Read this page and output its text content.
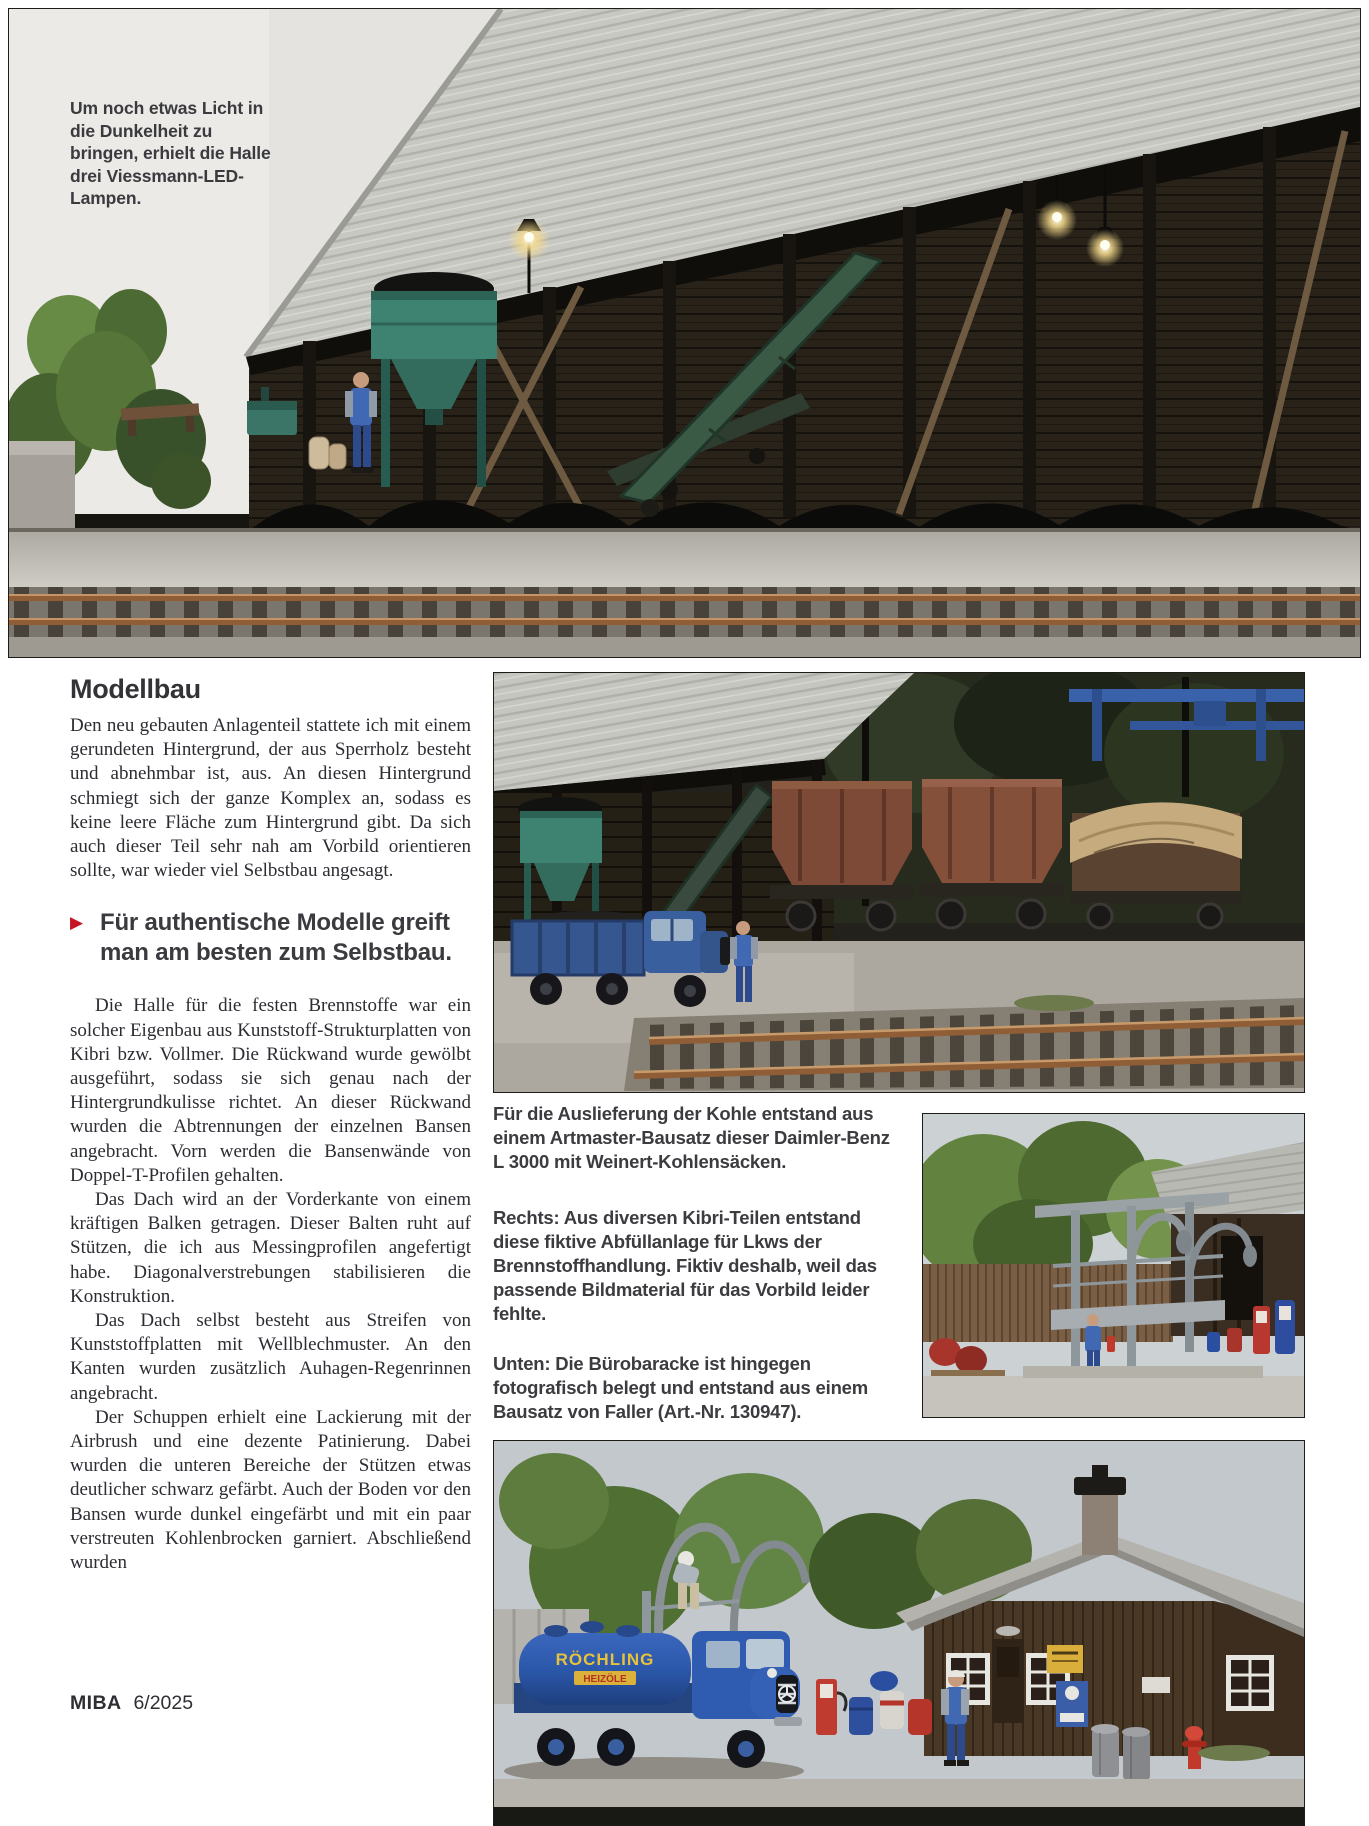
Um noch etwas Licht in die Dunkelheit zu bringen, erhielt die Halle drei Viessmann-LED-Lampen.
Modellbau

Den neu gebauten Anlagenteil stattete ich mit einem gerundeten Hintergrund, der aus Sperrholz besteht und abnehmbar ist, aus. An diesen Hintergrund schmiegt sich der ganze Komplex an, sodass es keine leere Fläche zum Hintergrund gibt. Da sich auch dieser Teil sehr nah am Vorbild orientieren sollte, war wieder viel Selbstbau angesagt.

▶ Für authentische Modelle greift man am besten zum Selbstbau.

Die Halle für die festen Brennstoffe war ein solcher Eigenbau aus Kunststoff-Strukturplatten von Kibri bzw. Vollmer. Die Rückwand wurde gewölbt ausgeführt, sodass sie sich genau nach der Hintergrundkulisse richtet. An dieser Rückwand wurden die Abtrennungen der einzelnen Bansen angebracht. Vorn werden die Bansenwände von Doppel-T-Profilen gehalten.

Das Dach wird an der Vorderkante von einem kräftigen Balken getragen. Dieser Balten ruht auf Stützen, die ich aus Messingprofilen angefertigt habe. Diagonalverstrebungen stabilisieren die Konstruktion.

Das Dach selbst besteht aus Streifen von Kunststoffplatten mit Wellblechmuster. An den Kanten wurden zusätzlich Auhagen-Regenrinnen angebracht.

Der Schuppen erhielt eine Lackierung mit der Airbrush und eine dezente Patinierung. Dabei wurden die unteren Bereiche der Stützen etwas deutlicher schwarz gefärbt. Auch der Boden vor den Bansen wurde dunkel eingefärbt und mit ein paar verstreuten Kohlenbrocken garniert. Abschließend wurden

Für die Auslieferung der Kohle entstand aus einem Artmaster-Bausatz dieser Daimler-Benz L 3000 mit Weinert-Kohlensäcken.
Rechts: Aus diversen Kibri-Teilen entstand diese fiktive Abfüllanlage für Lkws der Brennstoffhandlung. Fiktiv deshalb, weil das passende Bildmaterial für das Vorbild leider fehlte.
Unten: Die Bürobaracke ist hingegen fotografisch belegt und entstand aus einem Bausatz von Faller (Art.-Nr. 130947).
RÖCHLING
HEIZÖLE
MIBA 6/2025
